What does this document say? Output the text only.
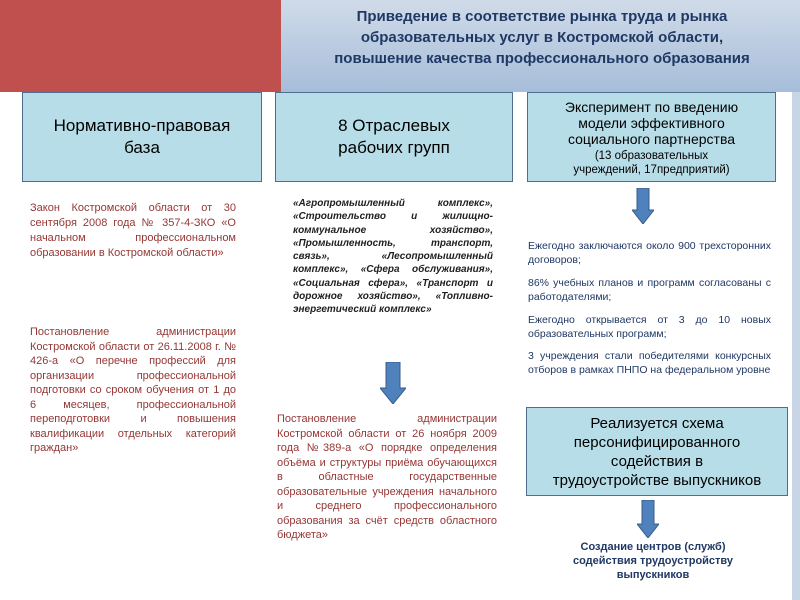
Приведение в соответствие рынка труда и рынка
образовательных услуг в Костромской области,
повышение качества профессионального образования
Нормативно-правовая
база
Закон Костромской области от 30 сентября 2008 года № 357-4-ЗКО «О начальном профессиональном образовании в Костромской области»
Постановление администрации Костромской области от 26.11.2008 г. № 426-а «О перечне профессий для организации профессиональной подготовки со сроком обучения от 1 до 6 месяцев, профессиональной переподготовки и повышения квалификации отдельных категорий граждан»
8 Отраслевых
рабочих групп
«Агропромышленный комплекс», «Строительство и жилищно-коммунальное хозяйство», «Промышленность, транспорт, связь», «Лесопромышленный комплекс», «Сфера обслуживания», «Социальная сфера», «Транспорт и дорожное хозяйство», «Топливно-энергетический комплекс»
Постановление администрации Костромской области от 26 ноября 2009 года №389-а «О порядке определения объёма и структуры приёма обучающихся в областные государственные образовательные учреждения начального и среднего профессионального образования за счёт средств областного бюджета»
Эксперимент по введению
модели эффективного
социального партнерства
(13 образовательных
учреждений, 17предприятий)
Ежегодно заключаются около 900 трехсторонних договоров;
86% учебных планов и программ согласованы с работодателями;
Ежегодно открывается от 3 до 10 новых образовательных программ;
3 учреждения стали победителями конкурсных отборов в рамках ПНПО на федеральном уровне
Реализуется схема
персонифицированного
содействия в
трудоустройстве выпускников
Создание центров (служб)
содействия трудоустройству
выпускников
